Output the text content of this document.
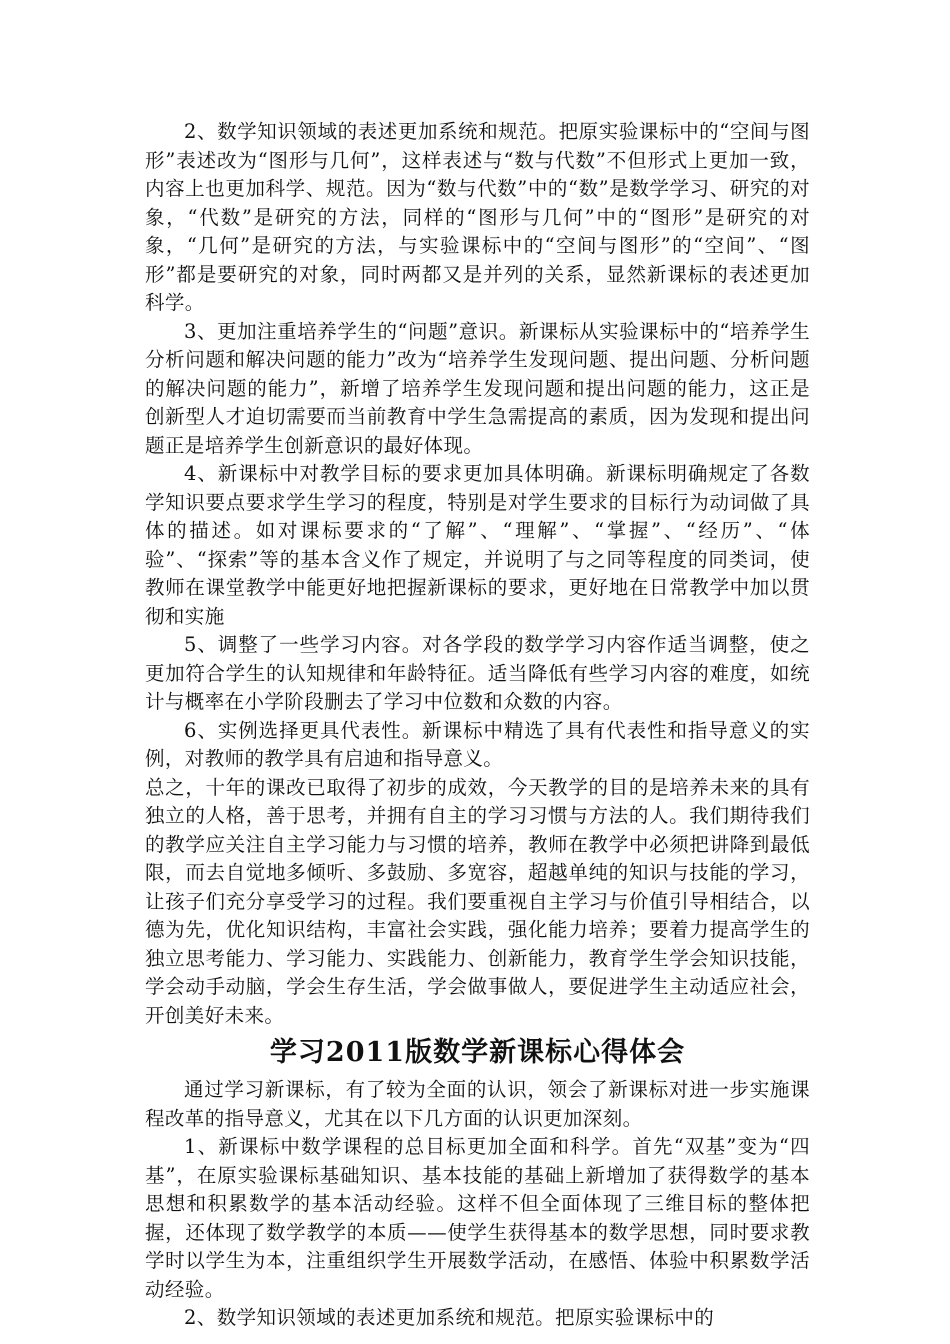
2、数学知识领域的表述更加系统和规范。把原实验课标中的“空间与图形”表述改为“图形与几何”，这样表述与“数与代数”不但形式上更加一致，内容上也更加科学、规范。因为“数与代数”中的“数”是数学学习、研究的对象，“代数”是研究的方法，同样的“图形与几何”中的“图形”是研究的对象，“几何”是研究的方法，与实验课标中的“空间与图形”的“空间”、“图形”都是要研究的对象，同时两都又是并列的关系，显然新课标的表述更加科学。

3、更加注重培养学生的“问题”意识。新课标从实验课标中的“培养学生分析问题和解决问题的能力”改为“培养学生发现问题、提出问题、分析问题的解决问题的能力”，新增了培养学生发现问题和提出问题的能力，这正是创新型人才迫切需要而当前教育中学生急需提高的素质，因为发现和提出问题正是培养学生创新意识的最好体现。

4、新课标中对教学目标的要求更加具体明确。新课标明确规定了各数学知识要点要求学生学习的程度，特别是对学生要求的目标行为动词做了具体的描述。如对课标要求的“了解”、“理解”、“掌握”、“经历”、“体验”、“探索”等的基本含义作了规定，并说明了与之同等程度的同类词，使教师在课堂教学中能更好地把握新课标的要求，更好地在日常教学中加以贯彻和实施

5、调整了一些学习内容。对各学段的数学学习内容作适当调整，使之更加符合学生的认知规律和年龄特征。适当降低有些学习内容的难度，如统计与概率在小学阶段删去了学习中位数和众数的内容。

6、实例选择更具代表性。新课标中精选了具有代表性和指导意义的实例，对教师的教学具有启迪和指导意义。

总之，十年的课改已取得了初步的成效，今天教学的目的是培养未来的具有独立的人格，善于思考，并拥有自主的学习习惯与方法的人。我们期待我们的教学应关注自主学习能力与习惯的培养，教师在教学中必须把讲降到最低限，而去自觉地多倾听、多鼓励、多宽容，超越单纯的知识与技能的学习，让孩子们充分享受学习的过程。我们要重视自主学习与价值引导相结合，以德为先，优化知识结构，丰富社会实践，强化能力培养；要着力提高学生的独立思考能力、学习能力、实践能力、创新能力，教育学生学会知识技能，学会动手动脑，学会生存生活，学会做事做人，要促进学生主动适应社会，开创美好未来。

学习2011版数学新课标心得体会

通过学习新课标，有了较为全面的认识，领会了新课标对进一步实施课程改革的指导意义，尤其在以下几方面的认识更加深刻。

1、新课标中数学课程的总目标更加全面和科学。首先“双基”变为“四基”，在原实验课标基础知识、基本技能的基础上新增加了获得数学的基本思想和积累数学的基本活动经验。这样不但全面体现了三维目标的整体把握，还体现了数学教学的本质——使学生获得基本的数学思想，同时要求教学时以学生为本，注重组织学生开展数学活动，在感悟、体验中积累数学活动经验。

2、数学知识领域的表述更加系统和规范。把原实验课标中的
